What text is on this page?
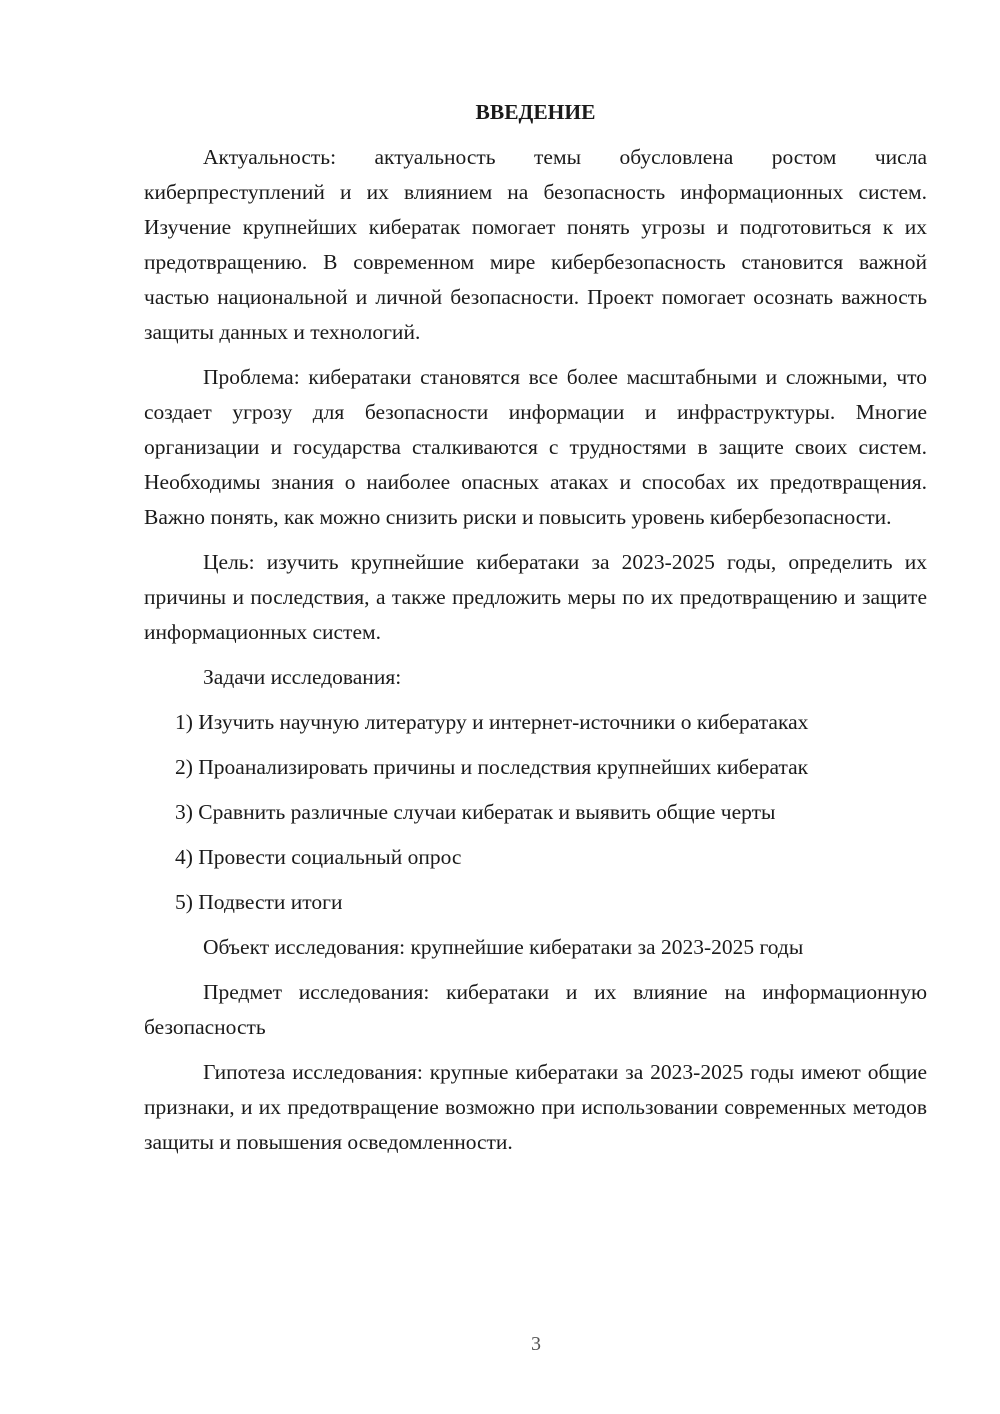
ВВЕДЕНИЕ

Актуальность: актуальность темы обусловлена ростом числа киберпреступлений и их влиянием на безопасность информационных систем. Изучение крупнейших кибератак помогает понять угрозы и подготовиться к их предотвращению. В современном мире кибербезопасность становится важной частью национальной и личной безопасности. Проект помогает осознать важность защиты данных и технологий.

Проблема: кибератаки становятся все более масштабными и сложными, что создает угрозу для безопасности информации и инфраструктуры. Многие организации и государства сталкиваются с трудностями в защите своих систем. Необходимы знания о наиболее опасных атаках и способах их предотвращения. Важно понять, как можно снизить риски и повысить уровень кибербезопасности.

Цель: изучить крупнейшие кибератаки за 2023-2025 годы, определить их причины и последствия, а также предложить меры по их предотвращению и защите информационных систем.

Задачи исследования:

1) Изучить научную литературу и интернет-источники о кибератаках
2) Проанализировать причины и последствия крупнейших кибератак
3) Сравнить различные случаи кибератак и выявить общие черты
4) Провести социальный опрос
5) Подвести итоги

Объект исследования: крупнейшие кибератаки за 2023-2025 годы

Предмет исследования: кибератаки и их влияние на информационную безопасность

Гипотеза исследования: крупные кибератаки за 2023-2025 годы имеют общие признаки, и их предотвращение возможно при использовании современных методов защиты и повышения осведомленности.

3
